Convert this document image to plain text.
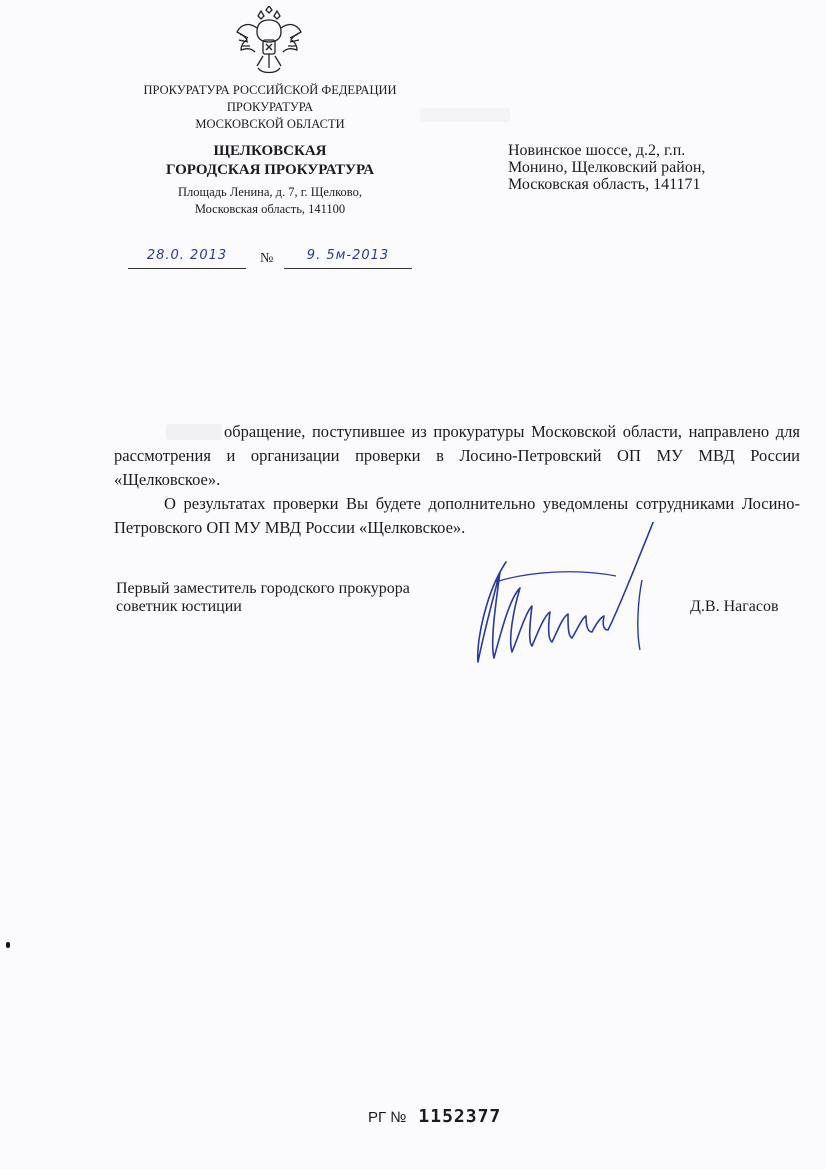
ПРОКУРАТУРА РОССИЙСКОЙ ФЕДЕРАЦИИ
ПРОКУРАТУРА
МОСКОВСКОЙ ОБЛАСТИ
ЩЕЛКОВСКАЯ
ГОРОДСКАЯ ПРОКУРАТУРА
Площадь Ленина, д. 7, г. Щелково,
Московская область, 141100
Новинское шоссе, д.2, г.п.
Монино, Щелковский район,
Московская область, 141171
28.0. 2013	№	9. 5м-2013

обращение, поступившее из прокуратуры Московской области, направлено для рассмотрения и организации проверки в Лосино-Петровский ОП МУ МВД России «Щелковское».

О результатах проверки Вы будете дополнительно уведомлены сотрудниками Лосино-Петровского ОП МУ МВД России «Щелковское».

Первый заместитель городского прокурора
советник юстиции	Д.В. Нагасов
РГ № 1152377
